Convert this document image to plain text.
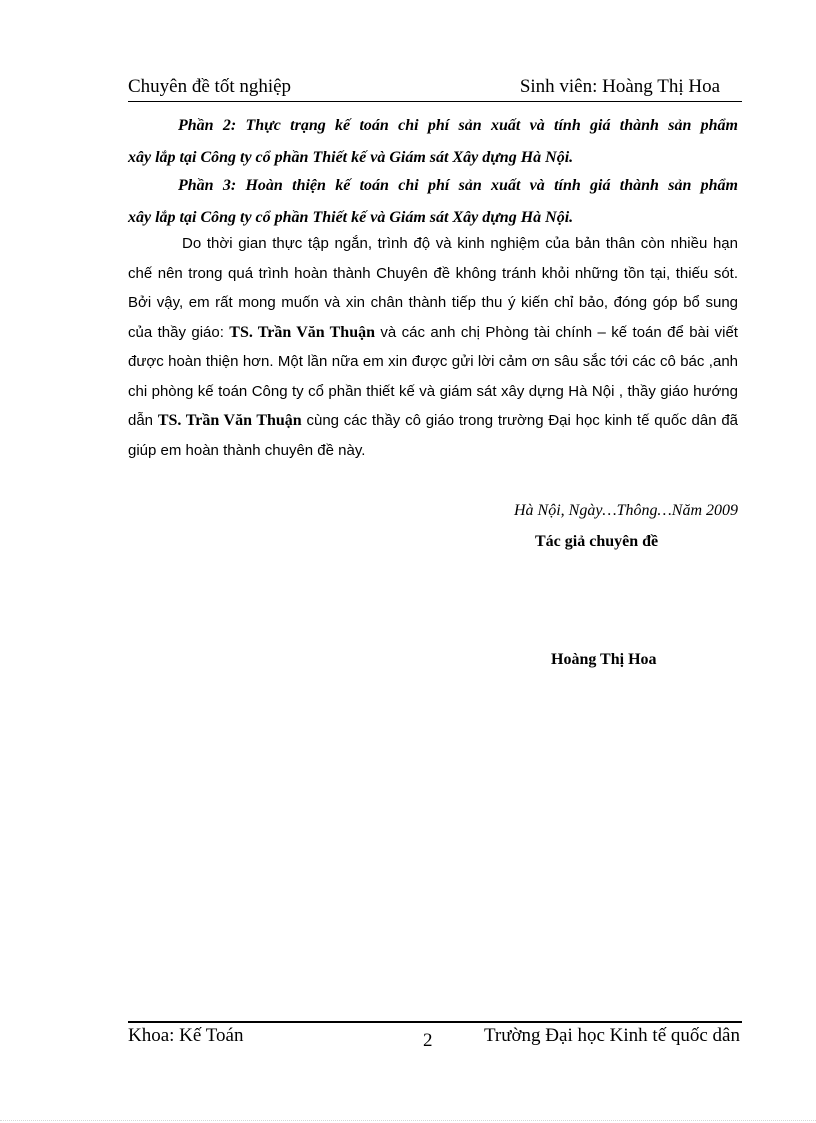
Chuyên đề tốt nghiệp	Sinh viên: Hoàng Thị Hoa
Phần 2: Thực trạng kế toán chi phí sản xuất và tính giá thành sản phẩm
xây lắp tại Công ty cổ phần Thiết kế và Giám sát Xây dựng Hà Nội.
Phần 3: Hoàn thiện kế toán chi phí sản xuất và tính giá thành sản phẩm
xây lắp tại Công ty cổ phần Thiết kế và Giám sát Xây dựng Hà Nội.
Do thời gian thực tập ngắn, trình độ và kinh nghiệm của bản thân còn nhiều hạn chế nên trong quá trình hoàn thành Chuyên đề không tránh khỏi những tồn tại, thiếu sót. Bởi vậy, em rất mong muốn và xin chân thành tiếp thu ý kiến chỉ bảo, đóng góp bổ sung của thầy giáo: TS. Trần Văn Thuận và các anh chị Phòng tài chính – kế toán để bài viết được hoàn thiện hơn. Một lần nữa em xin được gửi lời cảm ơn sâu sắc tới các cô bác ,anh chi phòng kế toán Công ty cổ phần thiết kế và giám sát xây dựng Hà Nội , thầy giáo hướng dẫn TS. Trần Văn Thuận cùng các thầy cô giáo trong trường Đại học kinh tế quốc dân đã giúp em hoàn thành chuyên đề này.
Hà Nội, Ngày…Thông…Năm 2009
Tác giả chuyên đề
Hoàng Thị Hoa
Khoa: Kế Toán	2	Trường Đại học Kinh tế quốc dân
